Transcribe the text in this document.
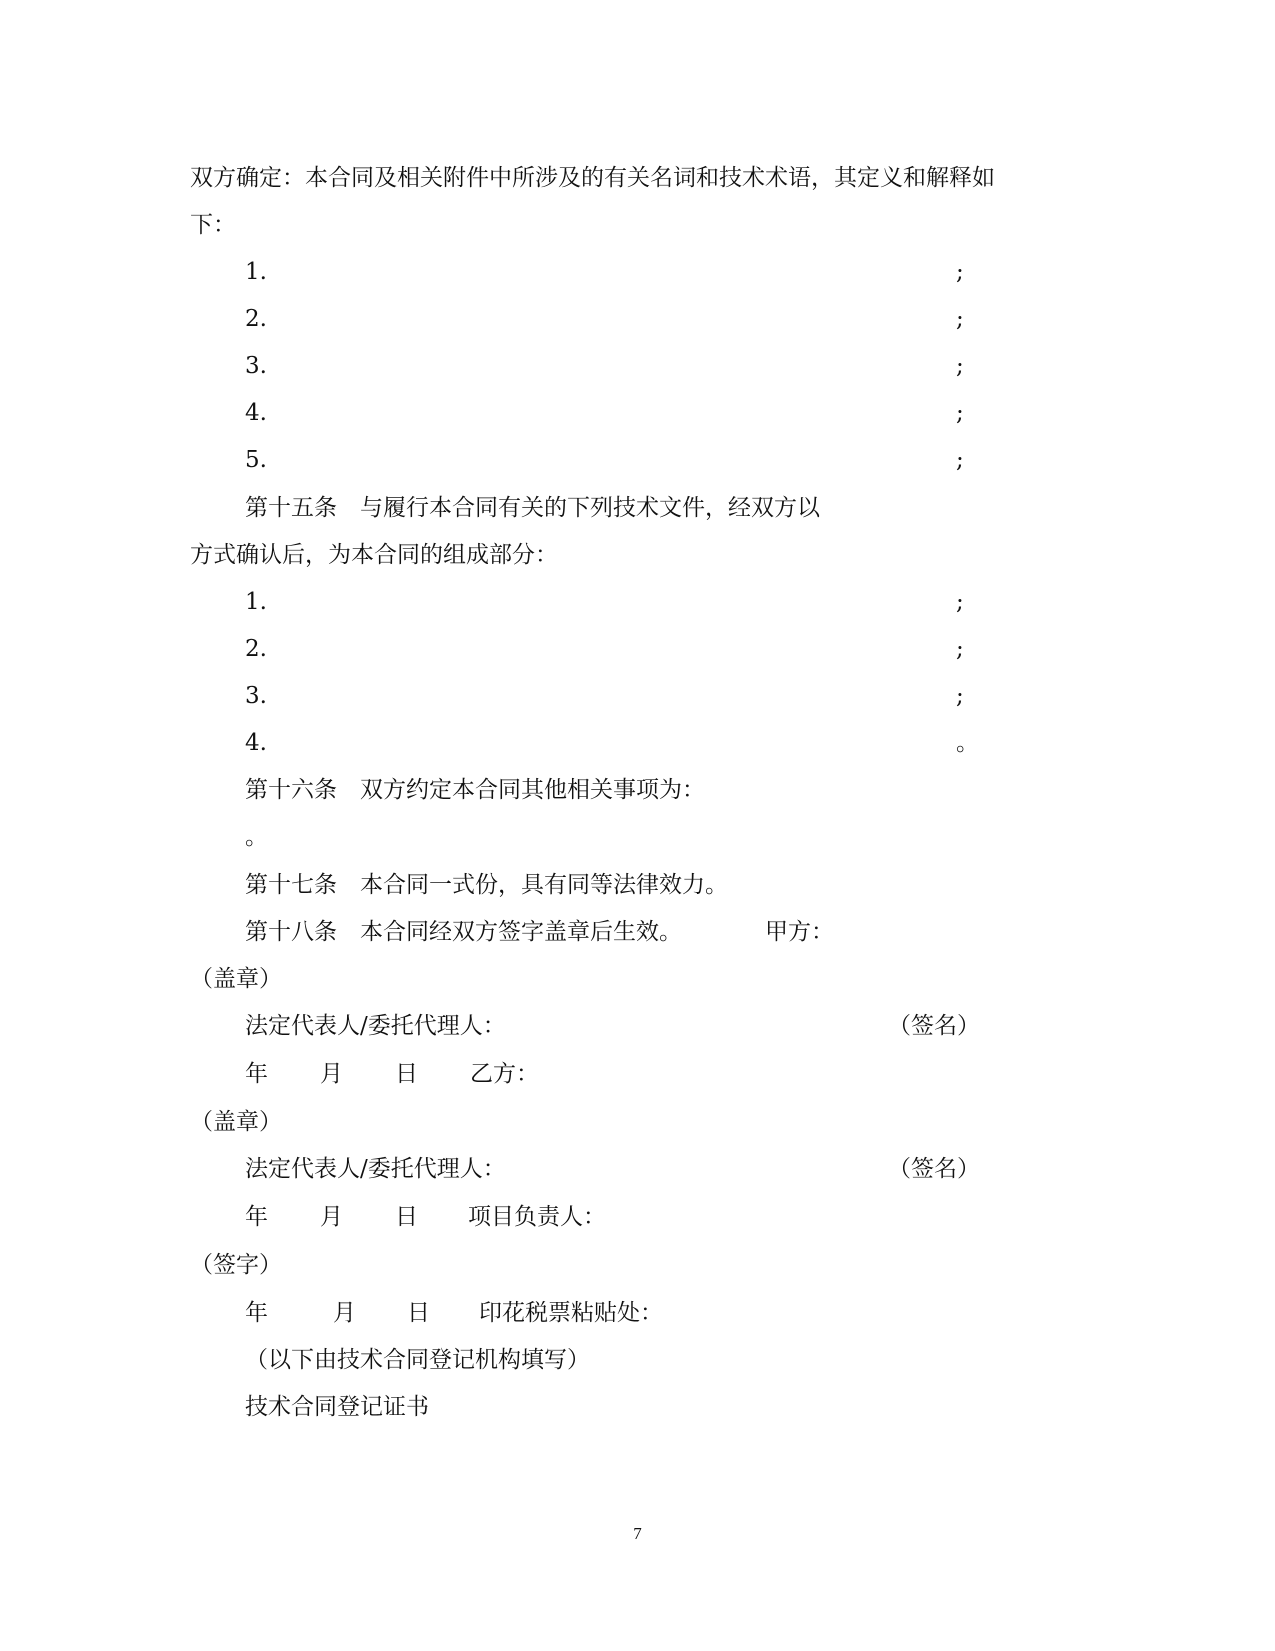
双方确定：本合同及相关附件中所涉及的有关名词和技术术语，其定义和解释如
下：
1.	;
2.	;
3.	;
4.	;
5.	;
第十五条　与履行本合同有关的下列技术文件，经双方以
方式确认后，为本合同的组成部分：
1.	;
2.	;
3.	;
4.	。
第十六条　双方约定本合同其他相关事项为：
。
第十七条　本合同一式份，具有同等法律效力。
第十八条　本合同经双方签字盖章后生效。	甲方：
（盖章）
法定代表人/委托代理人：	（签名）
年 月 日 乙方：
（盖章）
法定代表人/委托代理人：	（签名）
年 月 日 项目负责人：
（签字）
年	月 日 印花税票粘贴处：
（以下由技术合同登记机构填写）
技术合同登记证书
7
